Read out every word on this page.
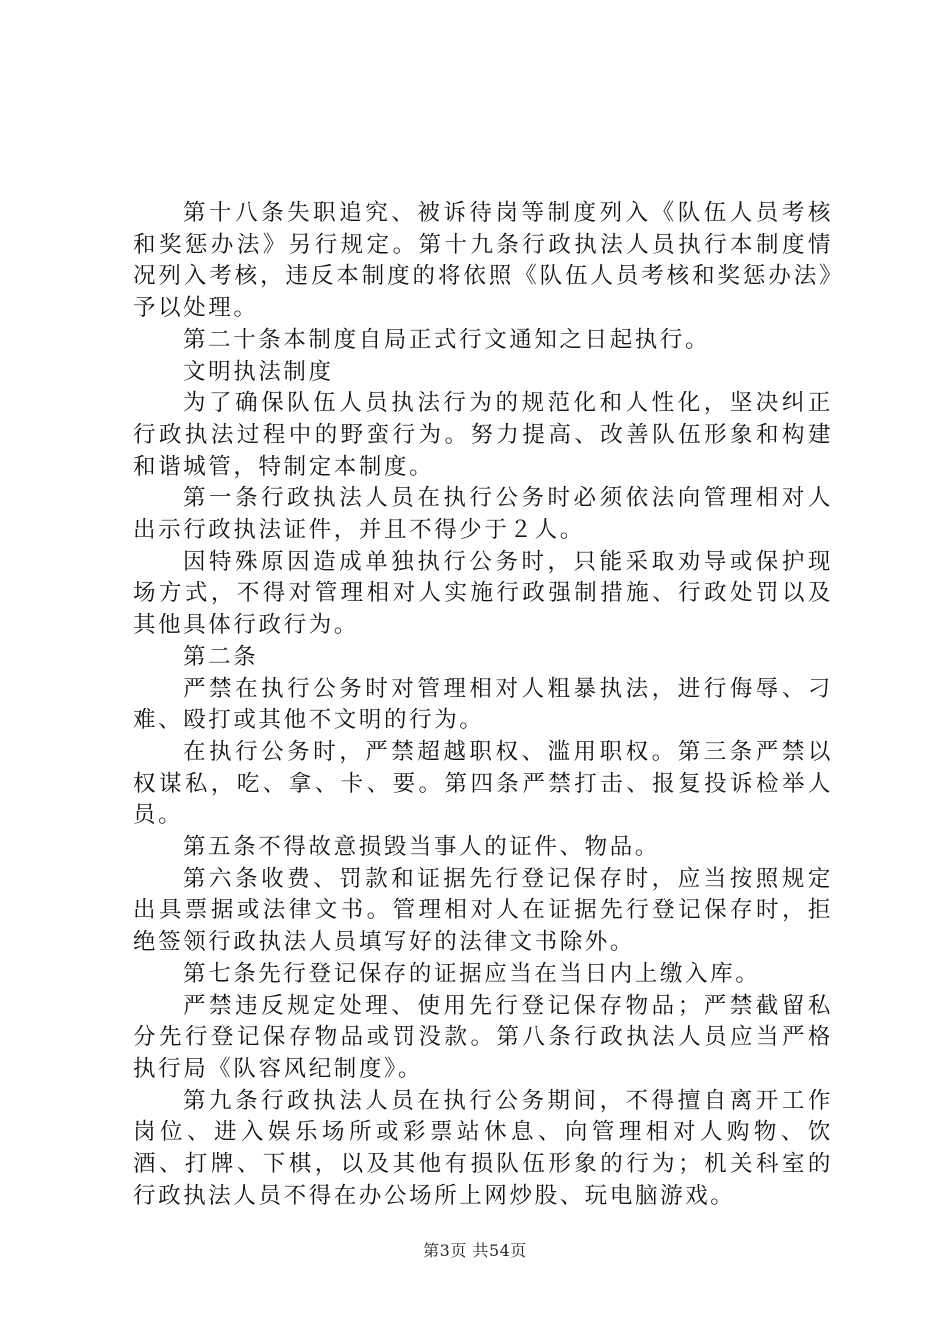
第十八条失职追究、被诉待岗等制度列入《队伍人员考核和奖惩办法》另行规定。第十九条行政执法人员执行本制度情况列入考核，违反本制度的将依照《队伍人员考核和奖惩办法》予以处理。

第二十条本制度自局正式行文通知之日起执行。

文明执法制度

为了确保队伍人员执法行为的规范化和人性化，坚决纠正行政执法过程中的野蛮行为。努力提高、改善队伍形象和构建和谐城管，特制定本制度。

第一条行政执法人员在执行公务时必须依法向管理相对人出示行政执法证件，并且不得少于２人。

因特殊原因造成单独执行公务时，只能采取劝导或保护现场方式，不得对管理相对人实施行政强制措施、行政处罚以及其他具体行政行为。

第二条

严禁在执行公务时对管理相对人粗暴执法，进行侮辱、刁难、殴打或其他不文明的行为。

在执行公务时，严禁超越职权、滥用职权。第三条严禁以权谋私，吃、拿、卡、要。第四条严禁打击、报复投诉检举人员。

第五条不得故意损毁当事人的证件、物品。

第六条收费、罚款和证据先行登记保存时，应当按照规定出具票据或法律文书。管理相对人在证据先行登记保存时，拒绝签领行政执法人员填写好的法律文书除外。

第七条先行登记保存的证据应当在当日内上缴入库。

严禁违反规定处理、使用先行登记保存物品；严禁截留私分先行登记保存物品或罚没款。第八条行政执法人员应当严格执行局《队容风纪制度》。

第九条行政执法人员在执行公务期间，不得擅自离开工作岗位、进入娱乐场所或彩票站休息、向管理相对人购物、饮酒、打牌、下棋，以及其他有损队伍形象的行为；机关科室的行政执法人员不得在办公场所上网炒股、玩电脑游戏。

第3页 共54页
